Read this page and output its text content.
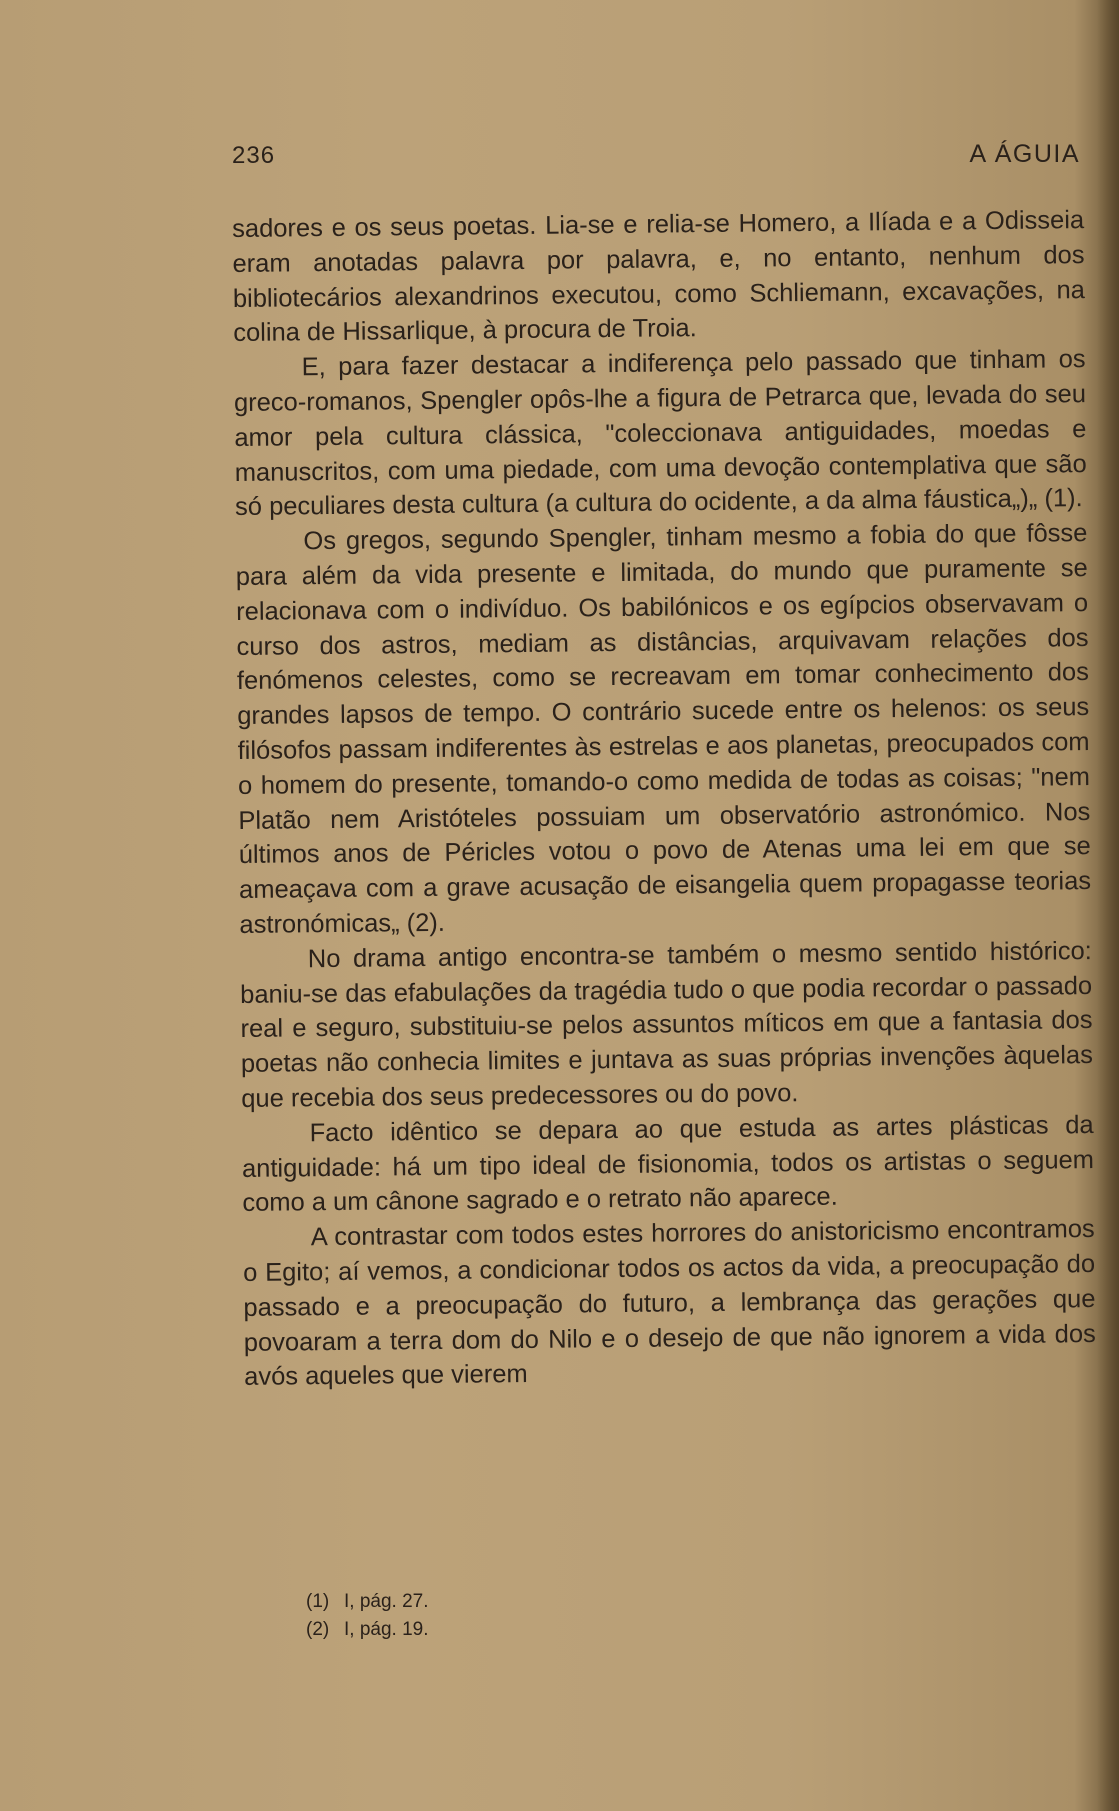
236	A ÁGUIA

sadores e os seus poetas. Lia-se e relia-se Homero, a Ilíada e a Odisseia eram anotadas palavra por palavra, e, no entanto, nenhum dos bibliotecários alexandrinos executou, como Schliemann, excavações, na colina de Hissarlique, à procura de Troia.

E, para fazer destacar a indiferença pelo passado que tinham os greco-romanos, Spengler opôs-lhe a figura de Petrarca que, levada do seu amor pela cultura clássica, "coleccionava antiguidades, moedas e manuscritos, com uma piedade, com uma devoção contemplativa que são só peculiares desta cultura (a cultura do ocidente, a da alma fáustica„)„ (1).

Os gregos, segundo Spengler, tinham mesmo a fobia do que fôsse para além da vida presente e limitada, do mundo que puramente se relacionava com o indivíduo. Os babilónicos e os egípcios observavam o curso dos astros, mediam as distâncias, arquivavam relações dos fenómenos celestes, como se recreavam em tomar conhecimento dos grandes lapsos de tempo. O contrário sucede entre os helenos: os seus filósofos passam indiferentes às estrelas e aos planetas, preocupados com o homem do presente, tomando-o como medida de todas as coisas; "nem Platão nem Aristóteles possuiam um observatório astronómico. Nos últimos anos de Péricles votou o povo de Atenas uma lei em que se ameaçava com a grave acusação de eisangelia quem propagasse teorias astronómicas„ (2).

No drama antigo encontra-se também o mesmo sentido histórico: baniu-se das efabulações da tragédia tudo o que podia recordar o passado real e seguro, substituiu-se pelos assuntos míticos em que a fantasia dos poetas não conhecia limites e juntava as suas próprias invenções àquelas que recebia dos seus predecessores ou do povo.

Facto idêntico se depara ao que estuda as artes plásticas da antiguidade: há um tipo ideal de fisionomia, todos os artistas o seguem como a um cânone sagrado e o retrato não aparece.

A contrastar com todos estes horrores do anistoricismo encontramos o Egito; aí vemos, a condicionar todos os actos da vida, a preocupação do passado e a preocupação do futuro, a lembrança das gerações que povoaram a terra dom do Nilo e o desejo de que não ignorem a vida dos avós aqueles que vierem

(1) I, pág. 27.
(2) I, pág. 19.
